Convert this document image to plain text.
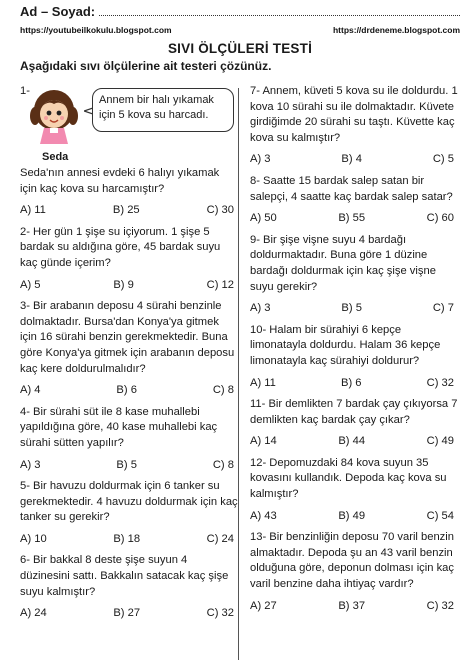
Ad – Soyad:
https://youtubeilkokulu.blogspot.com	https://drdeneme.blogspot.com
SIVI ÖLÇÜLERİ TESTİ
Aşağıdaki sıvı ölçülerine ait testeri çözünüz.
1-
Annem bir halı yıkamak için 5 kova su harcadı.
Seda
Seda'nın annesi evdeki 6 halıyı yıkamak için kaç kova su harcamıştır?
A) 11	B) 25	C) 30
2- Her gün 1 şişe su içiyorum. 1 şişe 5 bardak su aldığına göre, 45 bardak suyu kaç günde içerim?
A) 5	B) 9	C) 12
3- Bir arabanın deposu 4 sürahi benzinle dolmaktadır. Bursa'dan Konya'ya gitmek için 16 sürahi benzin gerekmektedir. Buna göre Konya'ya gitmek için arabanın deposu kaç kere doldurulmalıdır?
A) 4	B) 6	C) 8
4- Bir sürahi süt ile 8 kase muhallebi yapıldığına göre, 40 kase muhallebi kaç sürahi sütten yapılır?
A) 3	B) 5	C) 8
5- Bir havuzu doldurmak için 6 tanker su gerekmektedir. 4 havuzu doldurmak için kaç tanker su gerekir?
A) 10	B) 18	C) 24
6- Bir bakkal 8 deste şişe suyun 4 düzinesini sattı. Bakkalın satacak kaç şişe suyu kalmıştır?
A) 24	B) 27	C) 32
7- Annem, küveti 5 kova su ile doldurdu. 1 kova 10 sürahi su ile dolmaktadır. Küvete girdiğimde 20 sürahi su taştı. Küvette kaç kova su kalmıştır?
A) 3	B) 4	C) 5
8- Saatte 15 bardak salep satan bir salepçi, 4 saatte kaç bardak salep satar?
A) 50	B) 55	C) 60
9- Bir şişe vişne suyu 4 bardağı doldurmaktadır. Buna göre 1 düzine bardağı doldurmak için kaç şişe vişne suyu gerekir?
A) 3	B) 5	C) 7
10- Halam bir sürahiyi 6 kepçe limonatayla doldurdu. Halam 36 kepçe limonatayla kaç sürahiyi doldurur?
A) 11	B) 6	C) 32
11- Bir demlikten 7 bardak çay çıkıyorsa 7 demlikten kaç bardak çay çıkar?
A) 14	B) 44	C) 49
12- Depomuzdaki 84 kova suyun 35 kovasını kullandık. Depoda kaç kova su kalmıştır?
A) 43	B) 49	C) 54
13- Bir benzinliğin deposu 70 varil benzin almaktadır. Depoda şu an 43 varil benzin olduğuna göre, deponun dolması için kaç varil benzine daha ihtiyaç vardır?
A) 27	B) 37	C) 32
